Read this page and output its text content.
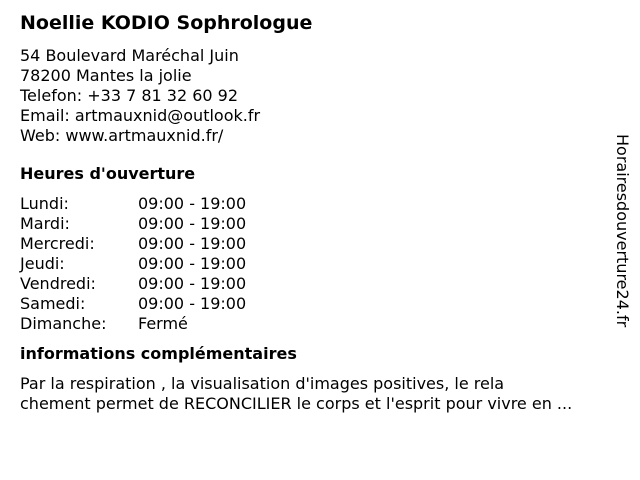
Noellie KODIO Sophrologue
54 Boulevard Maréchal Juin
78200 Mantes la jolie
Telefon: +33 7 81 32 60 92
Email: artmauxnid@outlook.fr
Web: www.artmauxnid.fr/
Heures d'ouverture
Lundi:	09:00 - 19:00
Mardi:	09:00 - 19:00
Mercredi:	09:00 - 19:00
Jeudi:	09:00 - 19:00
Vendredi:	09:00 - 19:00
Samedi:	09:00 - 19:00
Dimanche:	Fermé
informations complémentaires
Par la respiration , la visualisation d'images positives, le rela
chement permet de RECONCILIER le corps et l'esprit pour vivre en ...
Horairesdouverture24.fr
